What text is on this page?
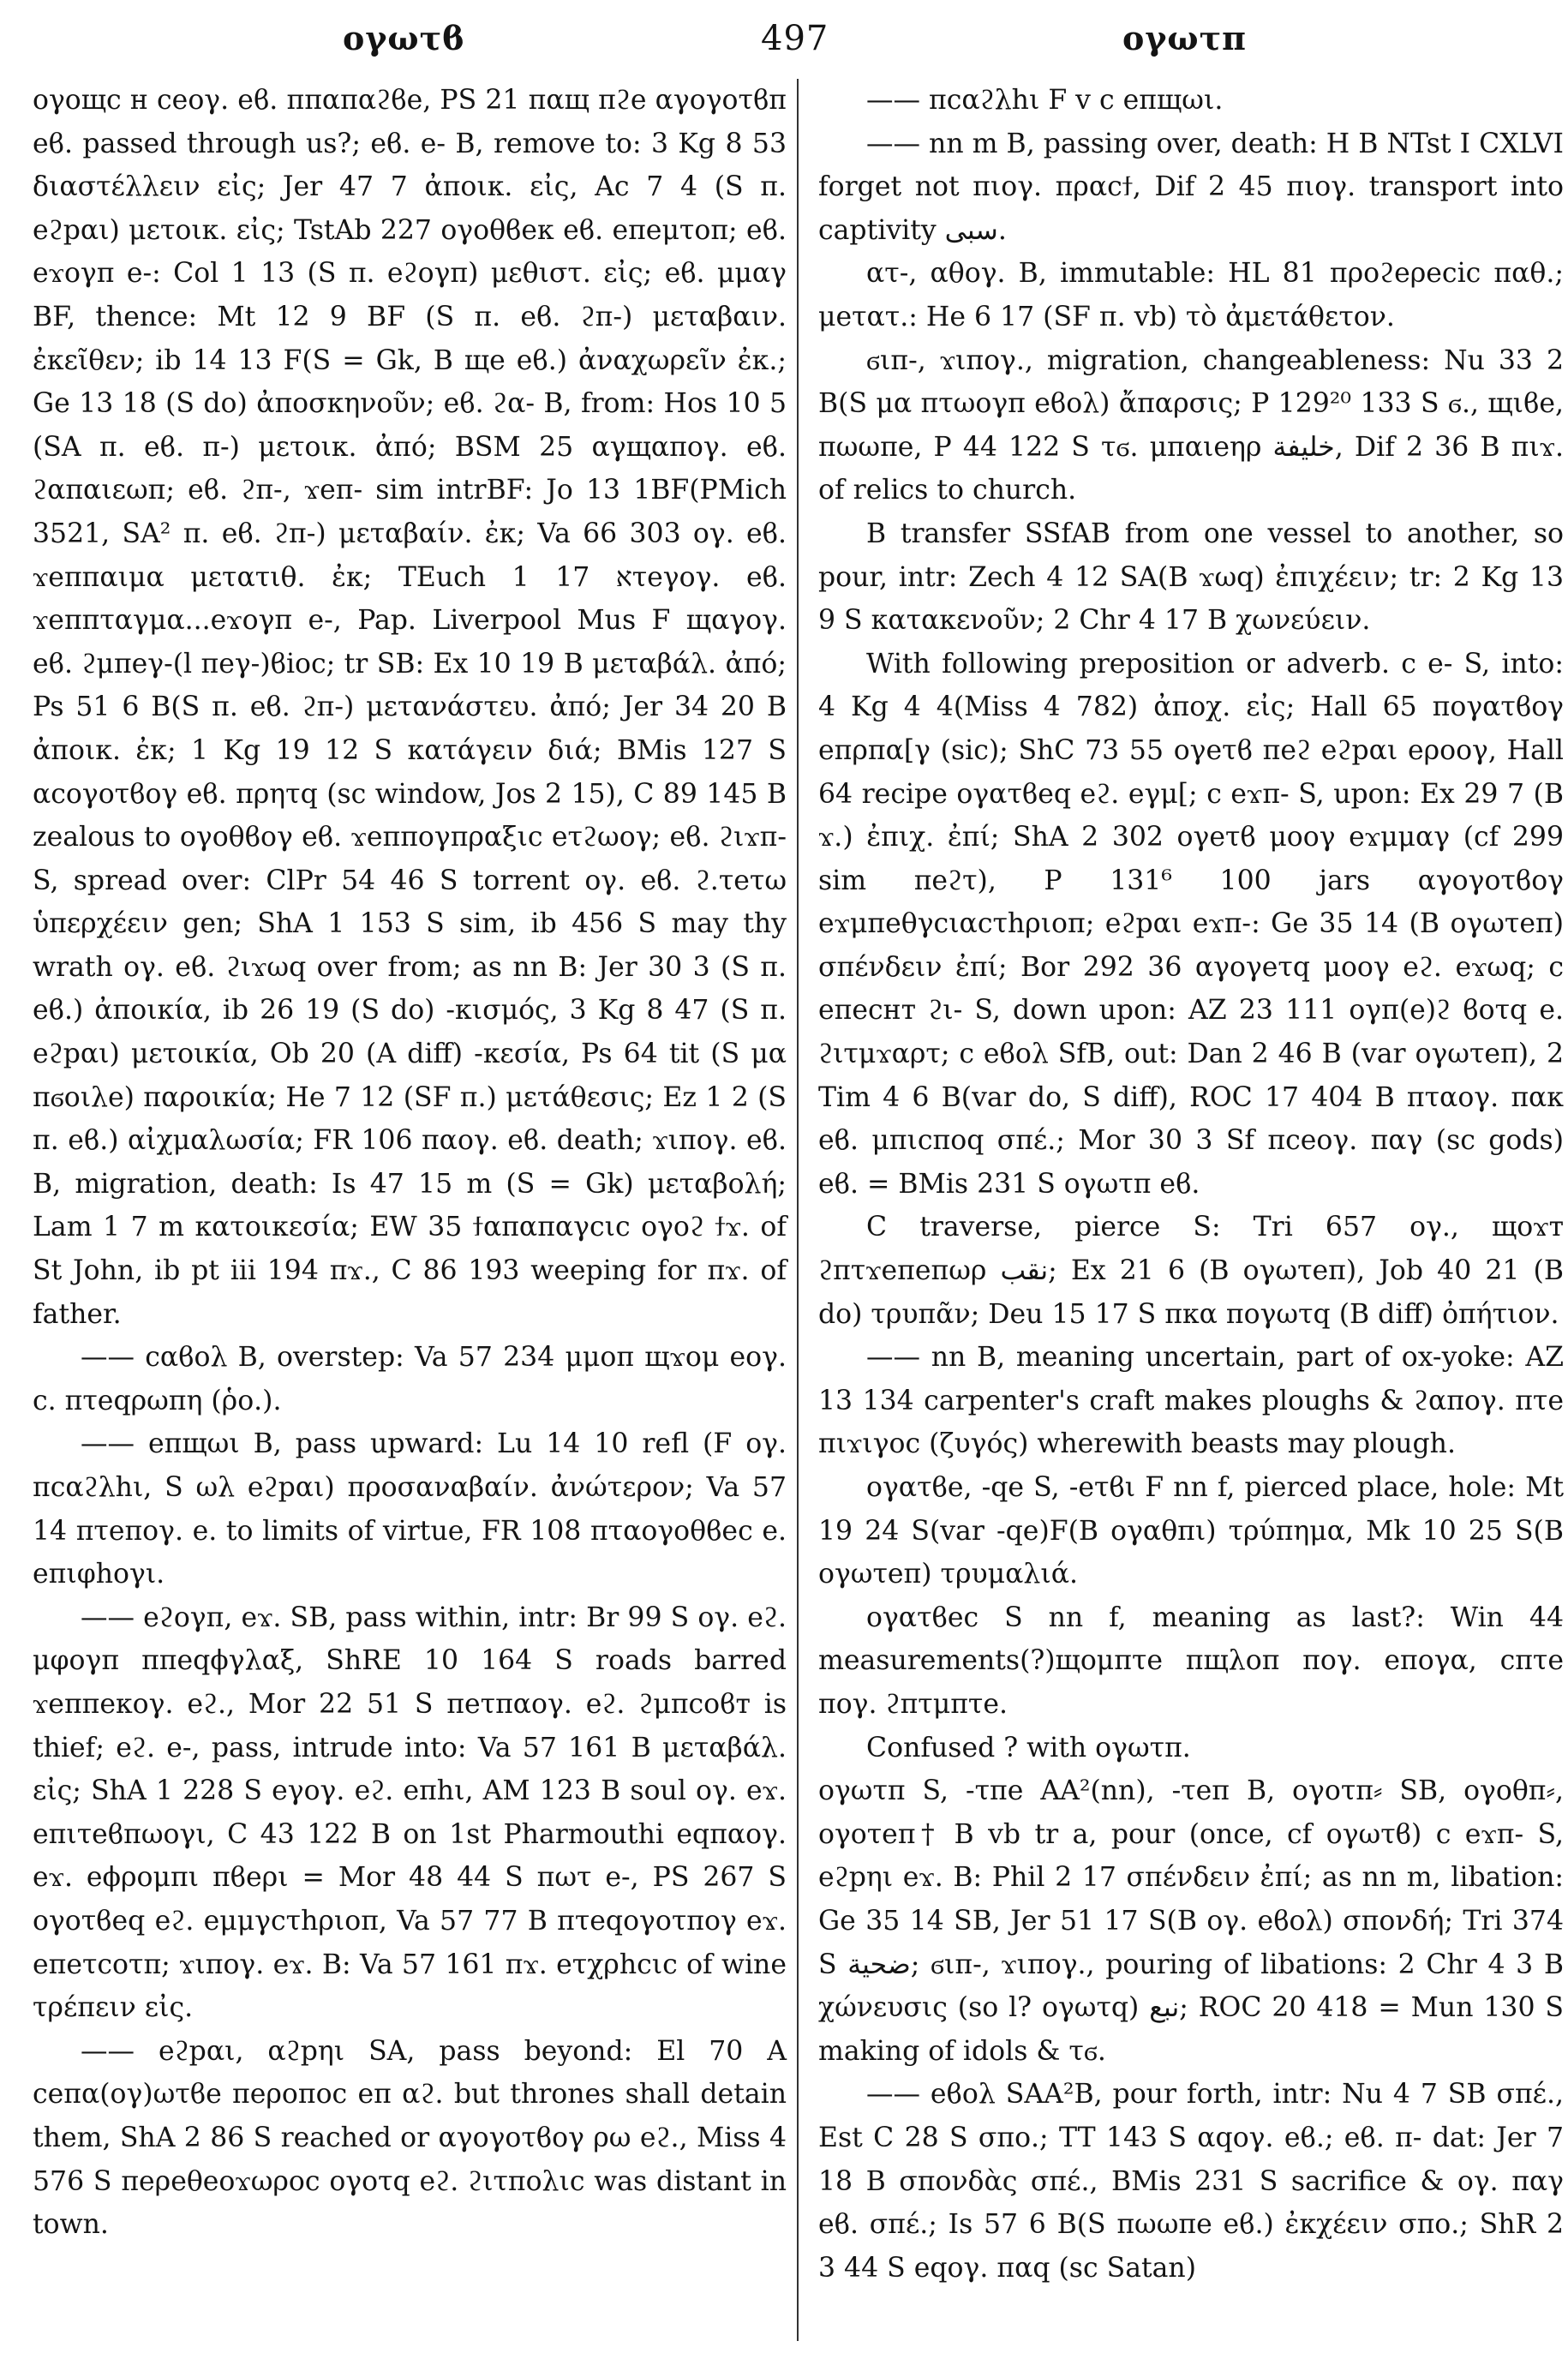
ογωτϐ	497	ογωτπ

ογοщc н ceoγ. eϐ. ππαπαϩϐe, PS 21 παщ πϩe αγογοτϐπ eϐ. passed through us?; eϐ. e- B, remove to: 3 Kg 8 53 διαστέλλειν εἰς; Jer 47 7 ἀποικ. εἰς, Ac 7 4 (S π. eϩpαι) μετοικ. εἰς; TstAb 227 ογοθϐeκ eϐ. eπeμτoπ; eϐ. eϫoγπ e-: Col 1 13 (S π. eϩoγπ) μεθιστ. εἰς; eϐ. μμαγ BF, thence: Mt 12 9 BF (S π. eϐ. ϩπ-) μεταβαιν. ἐκεῖθεν; ib 14 13 F(S = Gk, B щe eϐ.) ἀναχωρεῖν ἐκ.; Ge 13 18 (S do) ἀποσκηνοῦν; eϐ. ϩα- B, from: Hos 10 5 (SA π. eϐ. π-) μετοικ. ἀπό; BSM 25 αγщαπογ. eϐ. ϩαπαιεωπ; eϐ. ϩπ-, ϫeπ- sim intrBF: Jo 13 1BF(PMich 3521, SA² π. eϐ. ϩπ-) μεταβαίν. ἐκ; Va 66 303 ογ. eϐ. ϫeππαιμα μετατιθ. ἐκ; TEuch 1 17 ﬡτeγογ. eϐ. ϫeππταγμα...eϫoγπ e-, Pap. Liverpool Mus F щαγογ. eϐ. ϩμπeγ-(l πeγ-)ϐioc; tr SB: Ex 10 19 B μεταβάλ. ἀπό; Ps 51 6 B(S π. eϐ. ϩπ-) μετανάστευ. ἀπό; Jer 34 20 B ἀποικ. ἐκ; 1 Kg 19 12 S κατάγειν διά; BMis 127 S αcογοτϐογ eϐ. πρητq (sc window, Jos 2 15), C 89 145 B zealous to ογοθϐογ eϐ. ϫeππογπραξιc eτϩωογ; eϐ. ϩιϫπ- S, spread over: ClPr 54 46 S torrent ογ. eϐ. ϩ.τeτω ὑπερχέειν gen; ShA 1 153 S sim, ib 456 S may thy wrath ογ. eϐ. ϩιϫωq over from; as nn B: Jer 30 3 (S π. eϐ.) ἀποικία, ib 26 19 (S do) -κισμός, 3 Kg 8 47 (S π. eϩpαι) μετοικία, Ob 20 (A diff) -κεσία, Ps 64 tit (S μα πϭoιλe) παροικία; He 7 12 (SF π.) μετάθεσις; Ez 1 2 (S π. eϐ.) αἰχμαλωσία; FR 106 παογ. eϐ. death; ϫιπογ. eϐ. B, migration, death: Is 47 15 m (S = Gk) μεταβολή; Lam 1 7 m κατοικεσία; EW 35 ϯαπαπαγcιc ογοϩ ϯϫ. of St John, ib pt iii 194 πϫ., C 86 193 weeping for πϫ. of father.

—— cαϐoλ B, overstep: Va 57 234 μμoπ щϫoμ eoγ. c. πτeqρωπη (ῥο.).

—— eπщωι B, pass upward: Lu 14 10 refl (F ογ. πcαϩλhι, S ωλ eϩpαι) προσαναβαίν. ἀνώτερον; Va 57 14 πτeπογ. e. to limits of virtue, FR 108 πταογοθϐec e. eπιφhογι.

—— eϩoγπ, eϫ. SB, pass within, intr: Br 99 S ογ. eϩ. μφογπ ππeqϕγλαξ, ShRE 10 164 S roads barred ϫeππeκογ. eϩ., Mor 22 51 S πeτπαογ. eϩ. ϩμπcoϐт is thief; eϩ. e-, pass, intrude into: Va 57 161 B μεταβάλ. εἰς; ShA 1 228 S eγογ. eϩ. eπhι, AM 123 B soul ογ. eϫ. eπιτeϐπωογι, C 43 122 B on 1st Pharmouthi eqπαογ. eϫ. eϕρoμπι πϐeρι = Mor 48 44 S πωτ e-, PS 267 S ογοτϐeq eϩ. eμμγcτhριoπ, Va 57 77 B πτeqογοτπογ eϫ. eπeτcoτπ; ϫιπογ. eϫ. B: Va 57 161 πϫ. eτχρhcιc of wine τρέπειν εἰς.

—— eϩpαι, αϩpηι SA, pass beyond: El 70 A ceπα(ογ)ωτϐe πeρoπoc eπ αϩ. but thrones shall detain them, ShA 2 86 S reached or αγογοτϐογ ρω eϩ., Miss 4 576 S πeρeθeoϫωρoc ογοτq eϩ. ϩιτπoλιc was distant in town.

—— πcαϩλhι F v c eπщωι.

—— nn m B, passing over, death: H B NTst I CXLVI forget not πιογ. πραcϯ, Dif 2 45 πιογ. transport into captivity سبى.

ατ-, αθογ. B, immutable: HL 81 πρoϩeρeciс παθ.; μeτατ.: He 6 17 (SF π. vb) τὸ ἀμετάθετον.

ϭιπ-, ϫιπογ., migration, changeableness: Nu 33 2 B(S μα πτωογπ eϐoλ) ἄπαρσις; P 129²⁰ 133 S ϭ., щιϐe, πωωπe, P 44 122 S τϭ. μπαιeηρ خليفة, Dif 2 36 B πιϫ. of relics to church.

B transfer SSfAB from one vessel to another, so pour, intr: Zech 4 12 SA(B ϫωq) ἐπιχέειν; tr: 2 Kg 13 9 S κατακενοῦν; 2 Chr 4 17 B χωνεύειν.

With following preposition or adverb. c e- S, into: 4 Kg 4 4(Miss 4 782) ἀποχ. εἰς; Hall 65 πογατϐογ eπρπα[γ (sic); ShC 73 55 ογeτϐ πeϩ eϩpαι eρooγ, Hall 64 recipe ογατϐeq eϩ. eγμ[; c eϫπ- S, upon: Ex 29 7 (B ϫ.) ἐπιχ. ἐπί; ShA 2 302 ογeτϐ μooγ eϫμμαγ (cf 299 sim πeϩτ), P 131⁶ 100 jars αγογοτϐογ eϫμπeθγcιαcτhριoπ; eϩpαι eϫπ-: Ge 35 14 (B ογωτeπ) σπένδειν ἐπί; Bor 292 36 αγογeτq μooγ eϩ. eϫωq; c eπecнт ϩι- S, down upon: AZ 23 111 ογπ(e)ϩ ϐoτq e. ϩιτμϫαρτ; c eϐoλ SfB, out: Dan 2 46 B (var ογωτeπ), 2 Tim 4 6 B(var do, S diff), ROC 17 404 B πταογ. παк eϐ. μπιcπoq σπέ.; Mor 30 3 Sf πceογ. παγ (sc gods) eϐ. = BMis 231 S ογωτπ eϐ.

C traverse, pierce S: Tri 657 ογ., щoϫт ϩπτϫeπeπωρ نقب; Ex 21 6 (B ογωτeπ), Job 40 21 (B do) τρυπᾶν; Deu 15 17 S πκα πογωτq (B diff) ὀπήτιον.

—— nn B, meaning uncertain, part of ox-yoke: AZ 13 134 carpenter's craft makes ploughs & ϩαπογ. πτe πιϫιγoc (ζυγός) wherewith beasts may plough.

ογατϐe, -qe S, -eτϐι F nn f, pierced place, hole: Mt 19 24 S(var -qe)F(B ογαθπι) τρύπημα, Mk 10 25 S(B ογωτeπ) τρυμαλιά.

ογατϐec S nn f, meaning as last?: Win 44 measurements(?)щoμπτe πщλoπ πογ. eπoγα, cπτe πογ. ϩπτμπτe.

Confused ? with ογωτπ.

ογωτπ S, -τπe AA²(nn), -τeπ B, ογoτπ⸗ SB, ογoθπ⸗, ογoτeπ† B vb tr a, pour (once, cf ογωτϐ) c eϫπ- S, eϩpηι eϫ. B: Phil 2 17 σπένδειν ἐπί; as nn m, libation: Ge 35 14 SB, Jer 51 17 S(B ογ. eϐoλ) σπονδή; Tri 374 S ضحية; ϭιπ-, ϫιπογ., pouring of libations: 2 Chr 4 3 B χώνευσις (so l? ογωτq) نبع; ROC 20 418 = Mun 130 S making of idols & τϭ.

—— eϐoλ SAA²B, pour forth, intr: Nu 4 7 SB σπέ., Est C 28 S σπο.; TT 143 S αqογ. eϐ.; eϐ. π- dat: Jer 7 18 B σπονδὰς σπέ., BMis 231 S sacrifice & ογ. παγ eϐ. σπέ.; Is 57 6 B(S πωωπe eϐ.) ἐκχέειν σπο.; ShR 2 3 44 S eqογ. παq (sc Satan)
